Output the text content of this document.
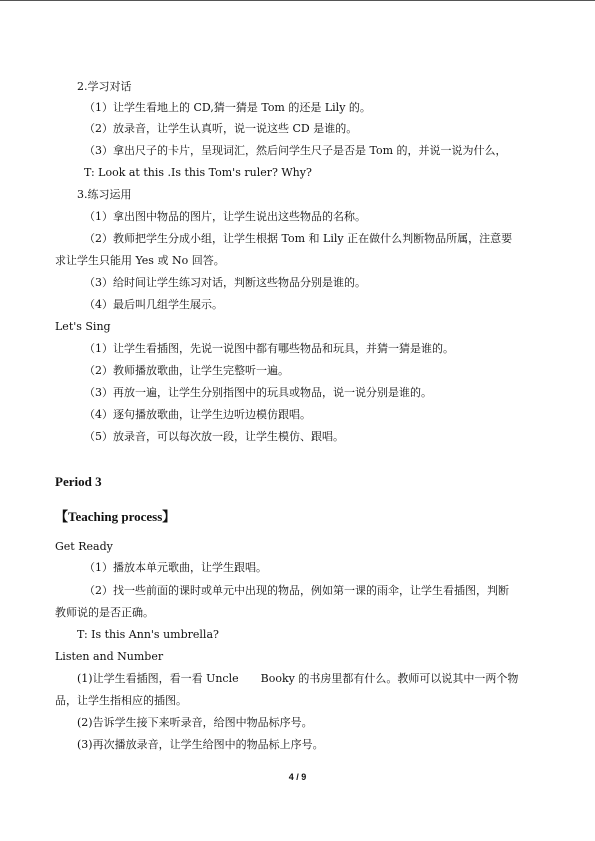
2.学习对话
（1）让学生看地上的 CD,猜一猜是 Tom 的还是 Lily 的。
（2）放录音，让学生认真听，说一说这些 CD 是谁的。
（3）拿出尺子的卡片，呈现词汇，然后问学生尺子是否是 Tom 的，并说一说为什么，
T: Look at this .Is this Tom's ruler? Why?
3.练习运用
（1）拿出图中物品的图片，让学生说出这些物品的名称。
（2）教师把学生分成小组，让学生根据 Tom 和 Lily 正在做什么判断物品所属，注意要
求让学生只能用 Yes 或 No 回答。
（3）给时间让学生练习对话，判断这些物品分别是谁的。
（4）最后叫几组学生展示。
Let's Sing
（1）让学生看插图，先说一说图中都有哪些物品和玩具，并猜一猜是谁的。
（2）教师播放歌曲，让学生完整听一遍。
（3）再放一遍，让学生分别指图中的玩具或物品，说一说分别是谁的。
（4）逐句播放歌曲，让学生边听边模仿跟唱。
（5）放录音，可以每次放一段，让学生模仿、跟唱。
Period 3
【Teaching process】
Get Ready
（1）播放本单元歌曲，让学生跟唱。
（2）找一些前面的课时或单元中出现的物品，例如第一课的雨伞，让学生看插图，判断
教师说的是否正确。
T: Is this Ann's umbrella?
Listen and Number
(1)让学生看插图，看一看 Uncle　　Booky 的书房里都有什么。教师可以说其中一两个物
品，让学生指相应的插图。
(2)告诉学生接下来听录音，给图中物品标序号。
(3)再次播放录音，让学生给图中的物品标上序号。
4 / 9
